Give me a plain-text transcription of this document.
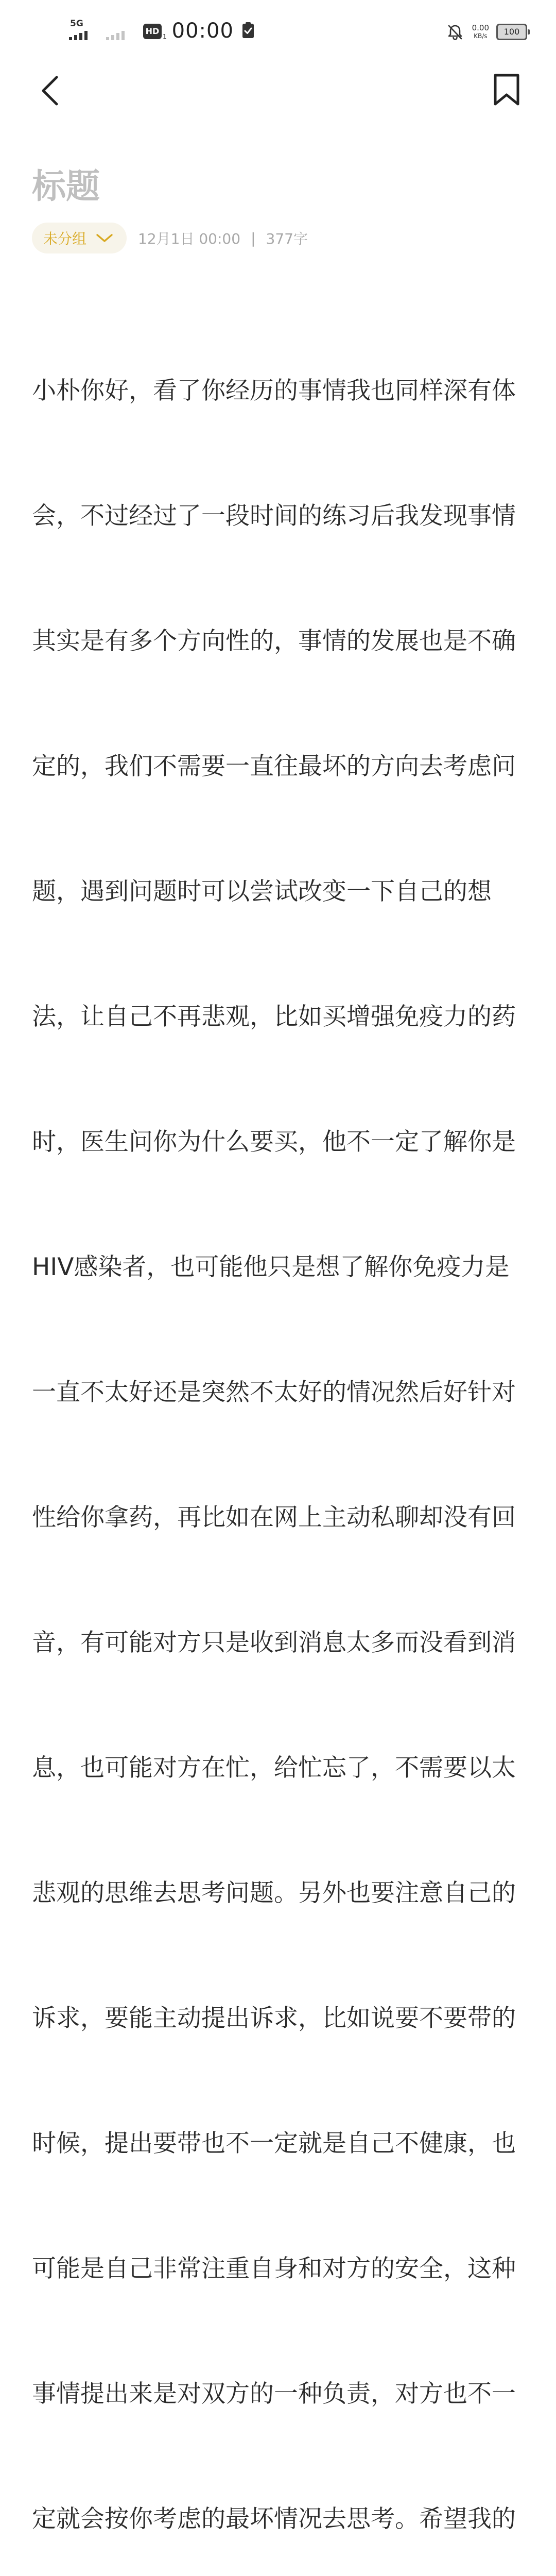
5G
HD
1 00:00	0.00
KB/s	100
标题
未分组	12月1日 00:00 | 377字

小朴你好，看了你经历的事情我也同样深有体

会，不过经过了一段时间的练习后我发现事情

其实是有多个方向性的，事情的发展也是不确

定的，我们不需要一直往最坏的方向去考虑问

题，遇到问题时可以尝试改变一下自己的想

法，让自己不再悲观，比如买增强免疫力的药

时，医生问你为什么要买，他不一定了解你是

HIV感染者，也可能他只是想了解你免疫力是

一直不太好还是突然不太好的情况然后好针对

性给你拿药，再比如在网上主动私聊却没有回

音，有可能对方只是收到消息太多而没看到消

息，也可能对方在忙，给忙忘了，不需要以太

悲观的思维去思考问题。另外也要注意自己的

诉求，要能主动提出诉求，比如说要不要带的

时候，提出要带也不一定就是自己不健康，也

可能是自己非常注重自身和对方的安全，这种

事情提出来是对双方的一种负责，对方也不一

定就会按你考虑的最坏情况去思考。希望我的
